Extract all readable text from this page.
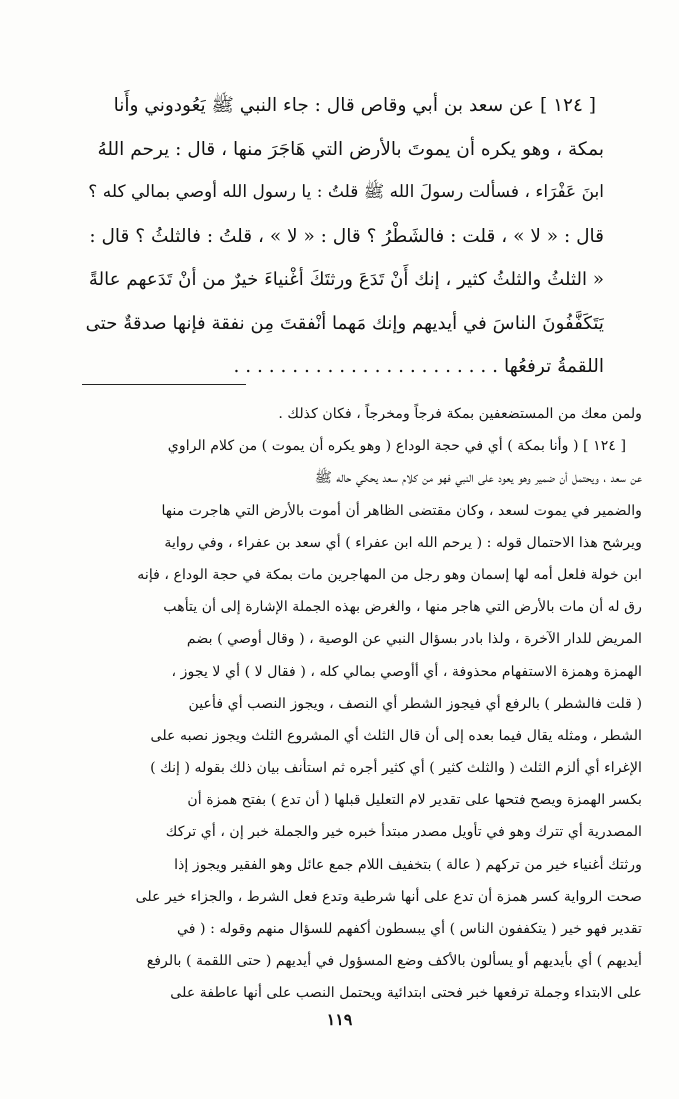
[ ١٢٤ ] عن سعد بن أبي وقاص قال : جاء النبي ﷺ يَعُودوني وأَنا
بمكة ، وهو يكره أن يموتَ بالأرض التي هَاجَرَ منها ، قال : يرحم اللهُ
ابنَ عَفْرَاء ، فسألت رسولَ الله ﷺ قلتُ : يا رسول الله أوصي بمالي كله ؟
قال : « لا » ، قلت : فالشَطْرُ ؟ قال : « لا » ، قلتُ : فالثلثُ ؟ قال :
« الثلثُ والثلثُ كثير ، إنك أَنْ تَدَعَ ورثتَكَ أغْنياءَ خيرٌ من أنْ تَدَعهم عالةً
يَتَكَفَّفُونَ الناسَ في أيديهم وإنك مَهما أنْفقتَ مِن نفقة فإنها صدقةٌ حتى
اللقمةُ ترفعُها . . . . . . . . . . . . . . . . . . . . . . .
ولمن معك من المستضعفين بمكة فرجاً ومخرجاً ، فكان كذلك .
[ ١٢٤ ] ( وأنا بمكة ) أي في حجة الوداع ( وهو يكره أن يموت ) من كلام الراوي
عن سعد ، ويحتمل أن ضمير وهو يعود على النبي فهو من كلام سعد يحكي حاله ﷺ
والضمير في يموت لسعد ، وكان مقتضى الظاهر أن أموت بالأرض التي هاجرت منها
ويرشح هذا الاحتمال قوله : ( يرحم الله ابن عفراء ) أي سعد بن عفراء ، وفي رواية
ابن خولة فلعل أمه لها إسمان وهو رجل من المهاجرين مات بمكة في حجة الوداع ، فإنه
رق له أن مات بالأرض التي هاجر منها ، والغرض بهذه الجملة الإشارة إلى أن يتأهب
المريض للدار الآخرة ، ولذا بادر بسؤال النبي عن الوصية ، ( وقال أوصي ) بضم
الهمزة وهمزة الاستفهام محذوفة ، أي أأوصي بمالي كله ، ( فقال لا ) أي لا يجوز ،
( قلت فالشطر ) بالرفع أي فيجوز الشطر أي النصف ، ويجوز النصب أي فأعين
الشطر ، ومثله يقال فيما بعده إلى أن قال الثلث أي المشروع الثلث ويجوز نصبه على
الإغراء أي ألزم الثلث ( والثلث كثير ) أي كثير أجره ثم استأنف بيان ذلك بقوله ( إنك )
بكسر الهمزة ويصح فتحها على تقدير لام التعليل قبلها ( أن تدع ) بفتح همزة أن
المصدرية أي تترك وهو في تأويل مصدر مبتدأ خبره خير والجملة خبر إن ، أي تركك
ورثتك أغنياء خير من تركهم ( عالة ) بتخفيف اللام جمع عائل وهو الفقير ويجوز إذا
صحت الرواية كسر همزة أن تدع على أنها شرطية وتدع فعل الشرط ، والجزاء خير على
تقدير فهو خير ( يتكففون الناس ) أي يبسطون أكفهم للسؤال منهم وقوله : ( في
أيديهم ) أي بأيديهم أو يسألون بالأكف وضع المسؤول في أيديهم ( حتى اللقمة ) بالرفع
على الابتداء وجملة ترفعها خبر فحتى ابتدائية ويحتمل النصب على أنها عاطفة على
١١٩
